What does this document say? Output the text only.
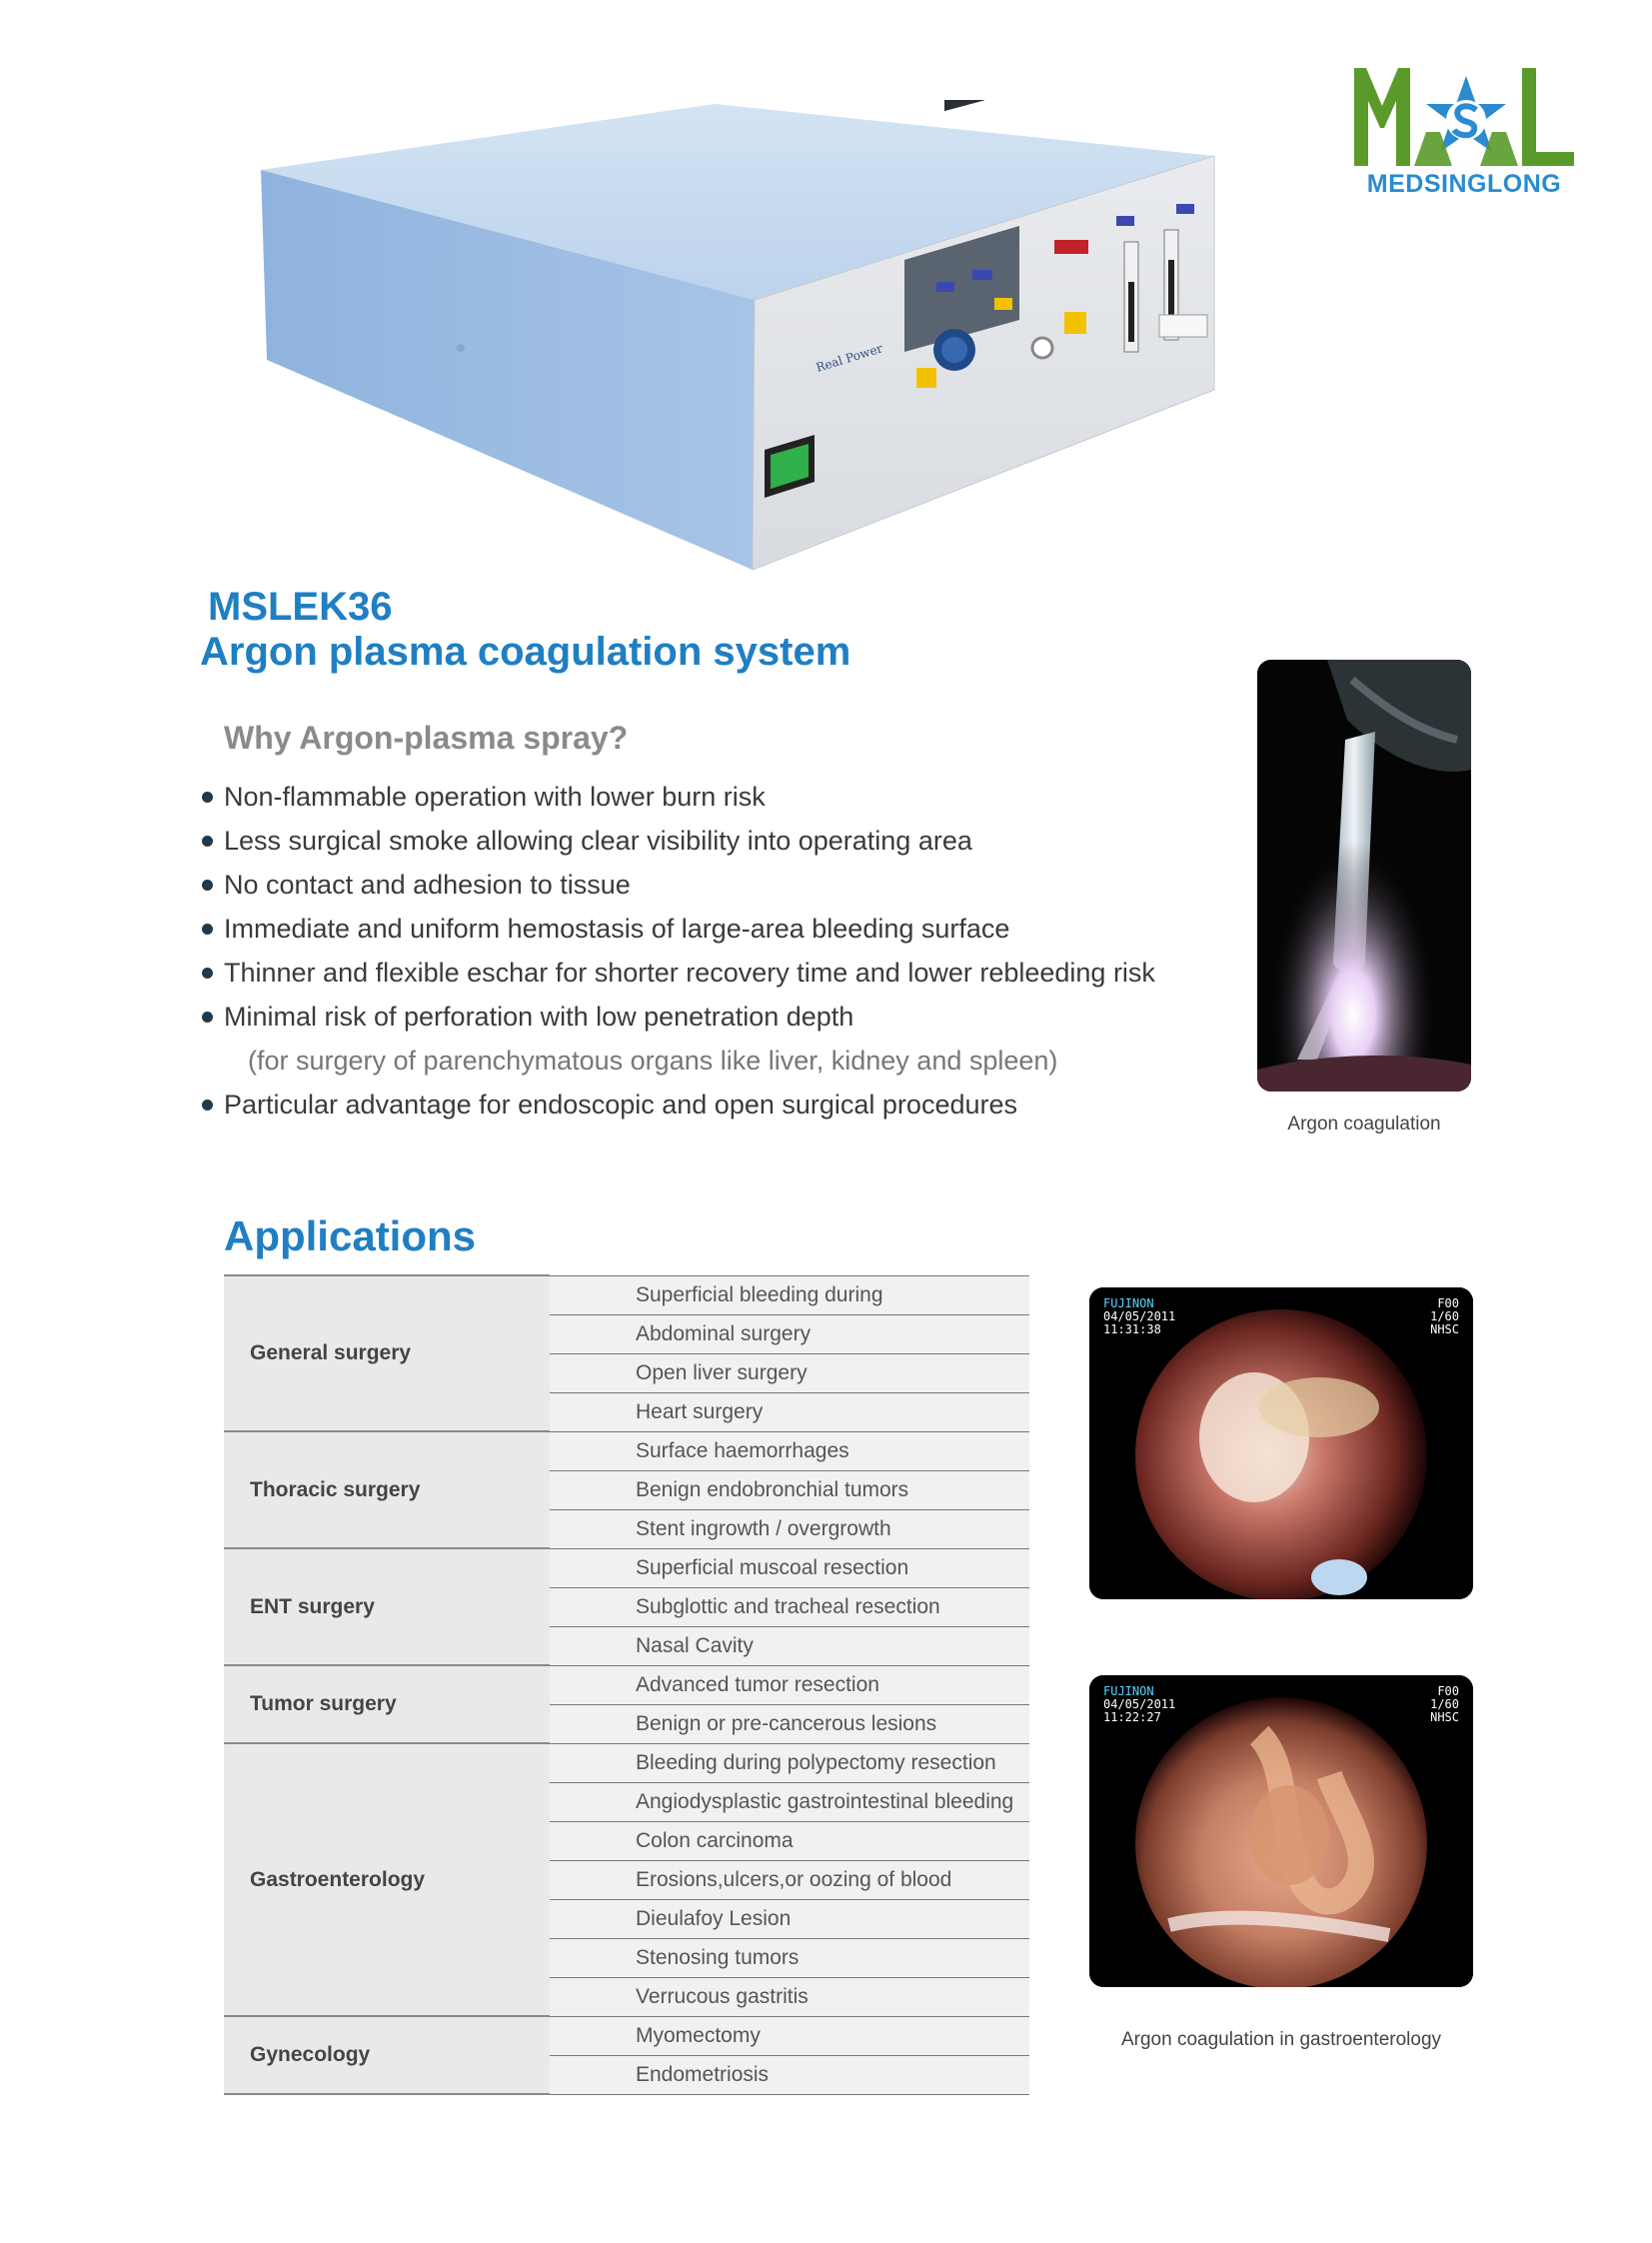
MEDSINGLONG
Real Power
MSLEK36
Argon plasma coagulation system
Why Argon-plasma spray?
Non-flammable operation with lower burn risk
Less surgical smoke allowing clear visibility into operating area
No contact and adhesion to tissue
Immediate and uniform hemostasis of large-area bleeding surface
Thinner and flexible eschar for shorter recovery time and lower rebleeding risk
Minimal risk of perforation with low penetration depth
(for surgery of parenchymatous organs like liver, kidney and spleen)
Particular advantage for endoscopic and open surgical procedures
Argon coagulation
FUJINON
04/05/2011
11:31:38
F00
1/60
NHSC
FUJINON
04/05/2011
11:22:27
F00
1/60
NHSC
Argon coagulation in gastroenterology
Applications
General surgery	Superficial bleeding during
	Abdominal surgery
	Open liver surgery
	Heart surgery
Thoracic surgery	Surface haemorrhages
	Benign endobronchial tumors
	Stent ingrowth / overgrowth
ENT surgery	Superficial muscoal resection
	Subglottic and tracheal resection
	Nasal Cavity
Tumor surgery	Advanced tumor resection
	Benign or pre-cancerous lesions
Gastroenterology	Bleeding during polypectomy resection
	Angiodysplastic gastrointestinal bleeding
	Colon carcinoma
	Erosions,ulcers,or oozing of blood
	Dieulafoy Lesion
	Stenosing tumors
	Verrucous gastritis
Gynecology	Myomectomy
	Endometriosis
